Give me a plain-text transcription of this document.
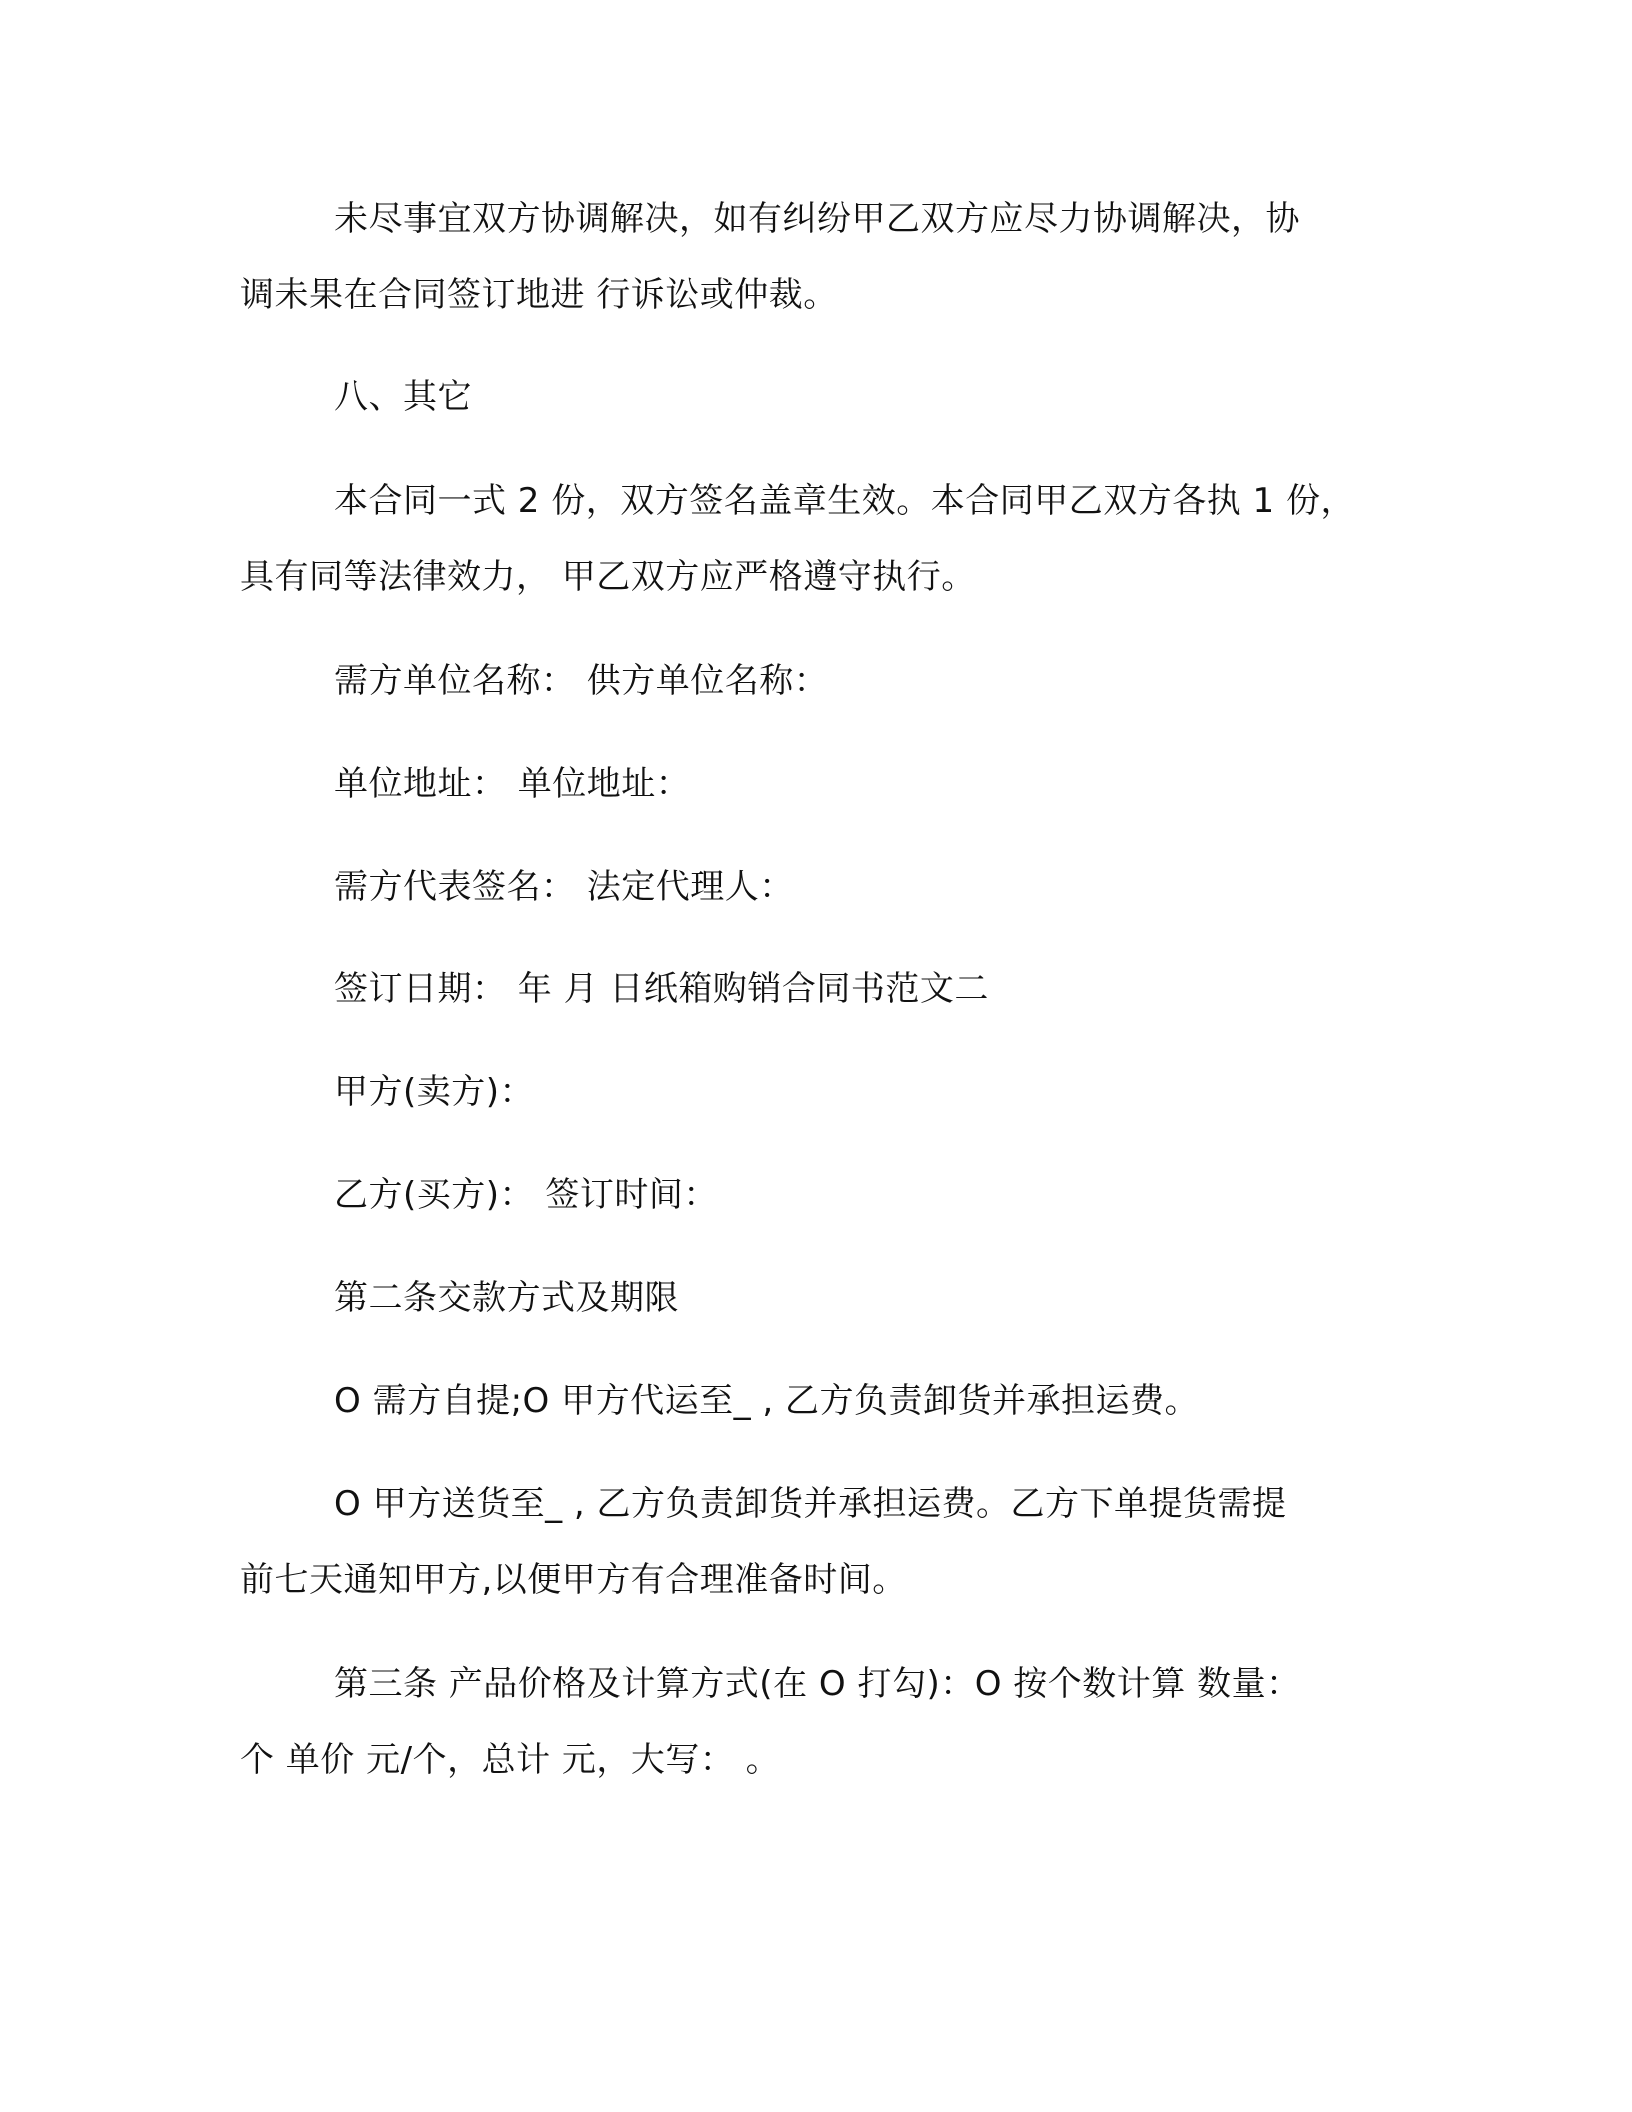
未尽事宜双方协调解决，如有纠纷甲乙双方应尽力协调解决，协
调未果在合同签订地进 行诉讼或仲裁。
八、其它
本合同一式 2 份，双方签名盖章生效。本合同甲乙双方各执 1 份，
具有同等法律效力， 甲乙双方应严格遵守执行。
需方单位名称： 供方单位名称：
单位地址： 单位地址：
需方代表签名： 法定代理人：
签订日期： 年 月 日纸箱购销合同书范文二
甲方(卖方)：
乙方(买方)： 签订时间：
第二条交款方式及期限
O 需方自提;O 甲方代运至_ , 乙方负责卸货并承担运费。
O 甲方送货至_ , 乙方负责卸货并承担运费。乙方下单提货需提
前七天通知甲方,以便甲方有合理准备时间。
第三条 产品价格及计算方式(在 O 打勾)：O 按个数计算 数量：
个 单价 元/个，总计 元，大写： 。
